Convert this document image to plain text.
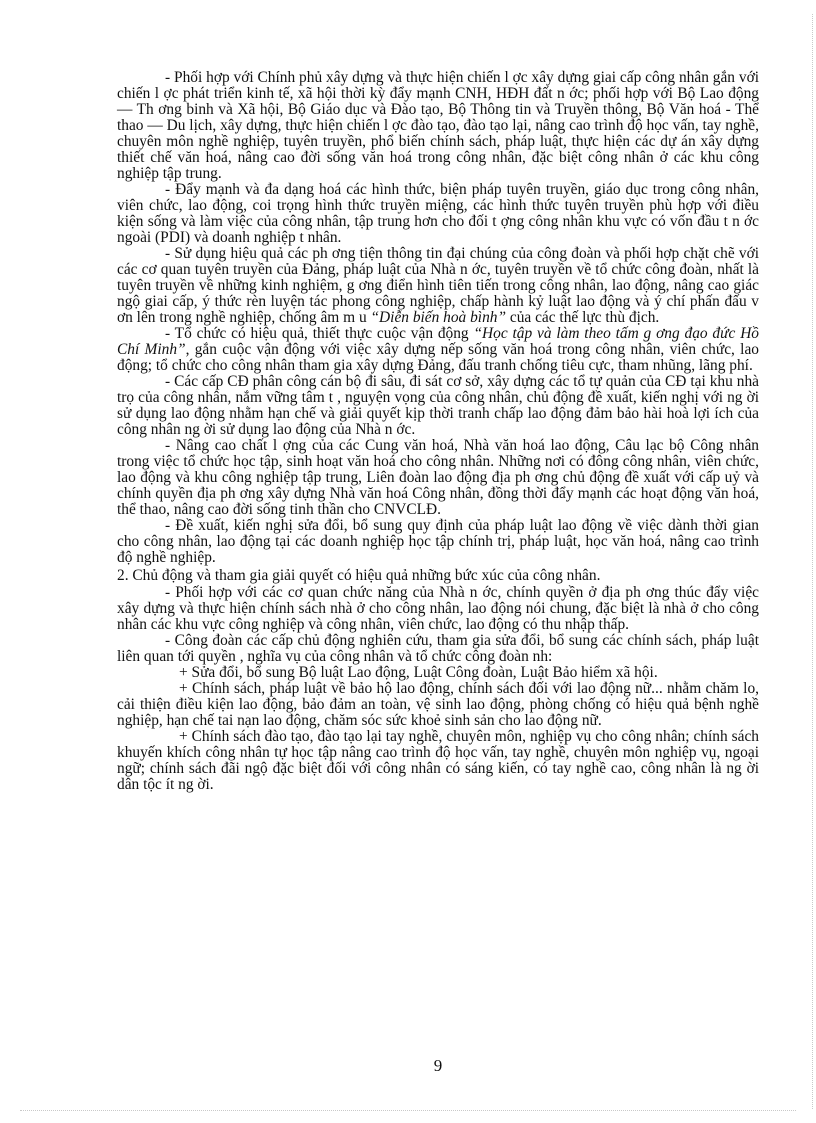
- Phối hợp với Chính phủ xây dựng và thực hiện chiến l ợc xây dựng giai cấp công nhân gắn với chiến l ợc phát triển kinh tế, xã hội thời kỳ đẩy mạnh CNH, HĐH đất n ớc; phối hợp với Bộ Lao động — Th ơng binh và Xã hội, Bộ Giáo dục và Đào tạo, Bộ Thông tin và Truyền thông, Bộ Văn hoá - Thể thao — Du lịch, xây dựng, thực hiện chiến l ợc đào tạo, đào tạo lại, nâng cao trình độ học vấn, tay nghề, chuyên môn nghề nghiệp, tuyên truyền, phổ biến chính sách, pháp luật, thực hiện các dự án xây dựng thiết chế văn hoá, nâng cao đời sống văn hoá trong công nhân, đặc biệt công nhân ở các khu công nghiệp tập trung.

- Đẩy mạnh và đa dạng hoá các hình thức, biện pháp tuyên truyền, giáo dục trong công nhân, viên chức, lao động, coi trọng hình thức truyền miệng, các hình thức tuyên truyền phù hợp với điều kiện sống và làm việc của công nhân, tập trung hơn cho đối t ợng công nhân khu vực có vốn đầu t n ớc ngoài (PDI) và doanh nghiệp t nhân.

- Sử dụng hiệu quả các ph ơng tiện thông tin đại chúng của công đoàn và phối hợp chặt chẽ với các cơ quan tuyên truyền của Đảng, pháp luật của Nhà n ớc, tuyên truyền về tổ chức công đoàn, nhất là tuyên truyền về những kinh nghiệm, g ơng điển hình tiên tiến trong công nhân, lao động, nâng cao giác ngộ giai cấp, ý thức rèn luyện tác phong công nghiệp, chấp hành kỷ luật lao động và ý chí phấn đấu v ơn lên trong nghề nghiệp, chống âm m u “Diễn biến hoà bình” của các thế lực thù địch.

- Tổ chức có hiệu quả, thiết thực cuộc vận động “Học tập và làm theo tấm g ơng đạo đức Hồ Chí Minh”, gắn cuộc vận động với việc xây dựng nếp sống văn hoá trong công nhân, viên chức, lao động; tổ chức cho công nhân tham gia xây dựng Đảng, đấu tranh chống tiêu cực, tham nhũng, lãng phí.

- Các cấp CĐ phân công cán bộ đi sâu, đi sát cơ sở, xây dựng các tổ tự quản của CĐ tại khu nhà trọ của công nhân, nắm vững tâm t , nguyện vọng của công nhân, chủ động đề xuất, kiến nghị với ng ời sử dụng lao động nhằm hạn chế và giải quyết kịp thời tranh chấp lao động đảm bảo hài hoà lợi ích của công nhân ng ời sử dụng lao động của Nhà n ớc.

- Nâng cao chất l ợng của các Cung văn hoá, Nhà văn hoá lao động, Câu lạc bộ Công nhân trong việc tổ chức học tập, sinh hoạt văn hoá cho công nhân. Những nơi có đông công nhân, viên chức, lao động và khu công nghiệp tập trung, Liên đoàn lao động địa ph ơng chủ động đề xuất với cấp uỷ và chính quyền địa ph ơng xây dựng Nhà văn hoá Công nhân, đồng thời đẩy mạnh các hoạt động văn hoá, thể thao, nâng cao đời sống tinh thần cho CNVCLĐ.

- Đề xuất, kiến nghị sửa đổi, bổ sung quy định của pháp luật lao động về việc dành thời gian cho công nhân, lao động tại các doanh nghiệp học tập chính trị, pháp luật, học văn hoá, nâng cao trình độ nghề nghiệp.

2. Chủ động và tham gia giải quyết có hiệu quả những bức xúc của công nhân.

- Phối hợp với các cơ quan chức năng của Nhà n ớc, chính quyền ở địa ph ơng thúc đẩy việc xây dựng và thực hiện chính sách nhà ở cho công nhân, lao động nói chung, đặc biệt là nhà ở cho công nhân các khu vực công nghiệp và công nhân, viên chức, lao động có thu nhập thấp.

- Công đoàn các cấp chủ động nghiên cứu, tham gia sửa đổi, bổ sung các chính sách, pháp luật liên quan tới quyền , nghĩa vụ của công nhân và tổ chức công đoàn nh:

+ Sửa đổi, bổ sung Bộ luật Lao động, Luật Công đoàn, Luật Bảo hiểm xã hội.

+ Chính sách, pháp luật về bảo hộ lao động, chính sách đối với lao động nữ... nhằm chăm lo, cải thiện điều kiện lao động, bảo đảm an toàn, vệ sinh lao động, phòng chống có hiệu quả bệnh nghề nghiệp, hạn chế tai nạn lao động, chăm sóc sức khoẻ sinh sản cho lao động nữ.

+ Chính sách đào tạo, đào tạo lại tay nghề, chuyên môn, nghiệp vụ cho công nhân; chính sách khuyến khích công nhân tự học tập nâng cao trình độ học vấn, tay nghề, chuyên môn nghiệp vụ, ngoại ngữ; chính sách đãi ngộ đặc biệt đối với công nhân có sáng kiến, có tay nghề cao, công nhân là ng ời dân tộc ít ng ời.

9
